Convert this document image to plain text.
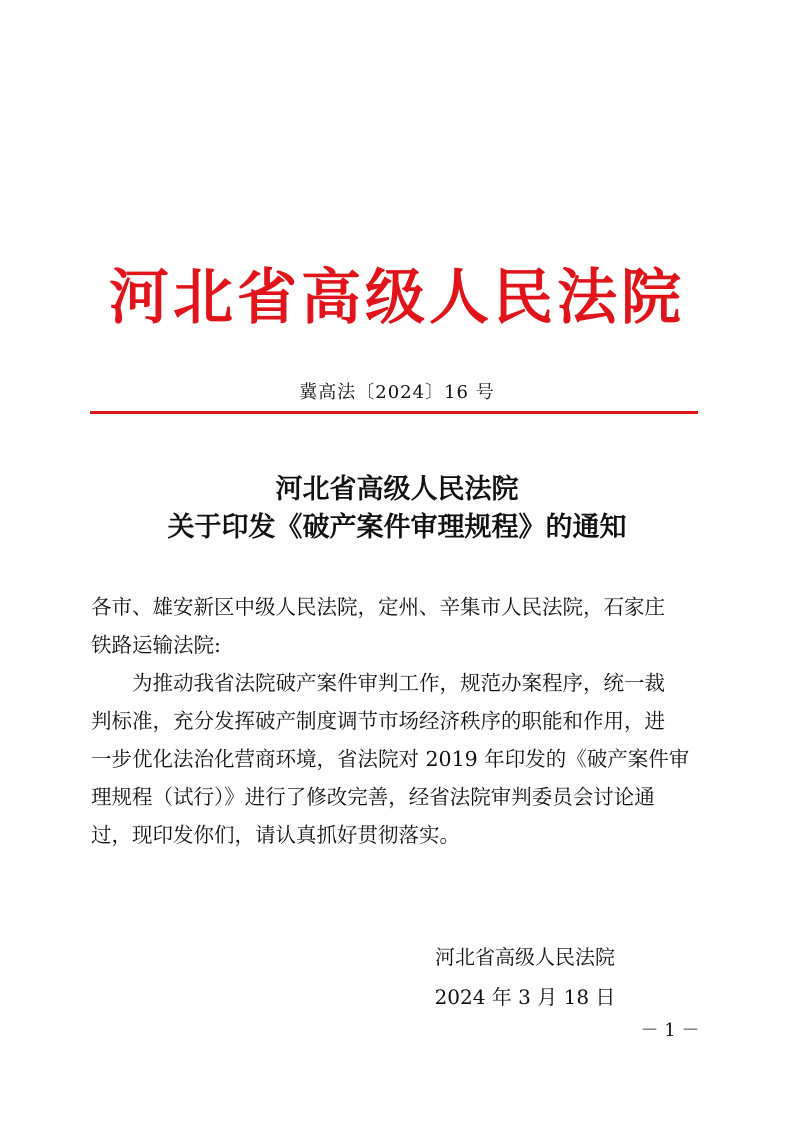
河北省高级人民法院
冀高法〔2024〕16 号
河北省高级人民法院
关于印发《破产案件审理规程》的通知
各市、雄安新区中级人民法院，定州、辛集市人民法院，石家庄
铁路运输法院:
　　为推动我省法院破产案件审判工作，规范办案程序，统一裁
判标准，充分发挥破产制度调节市场经济秩序的职能和作用，进
一步优化法治化营商环境，省法院对 2019 年印发的《破产案件审
理规程（试行）》进行了修改完善，经省法院审判委员会讨论通
过，现印发你们，请认真抓好贯彻落实。
河北省高级人民法院
2024 年 3 月 18 日
－ 1 －
